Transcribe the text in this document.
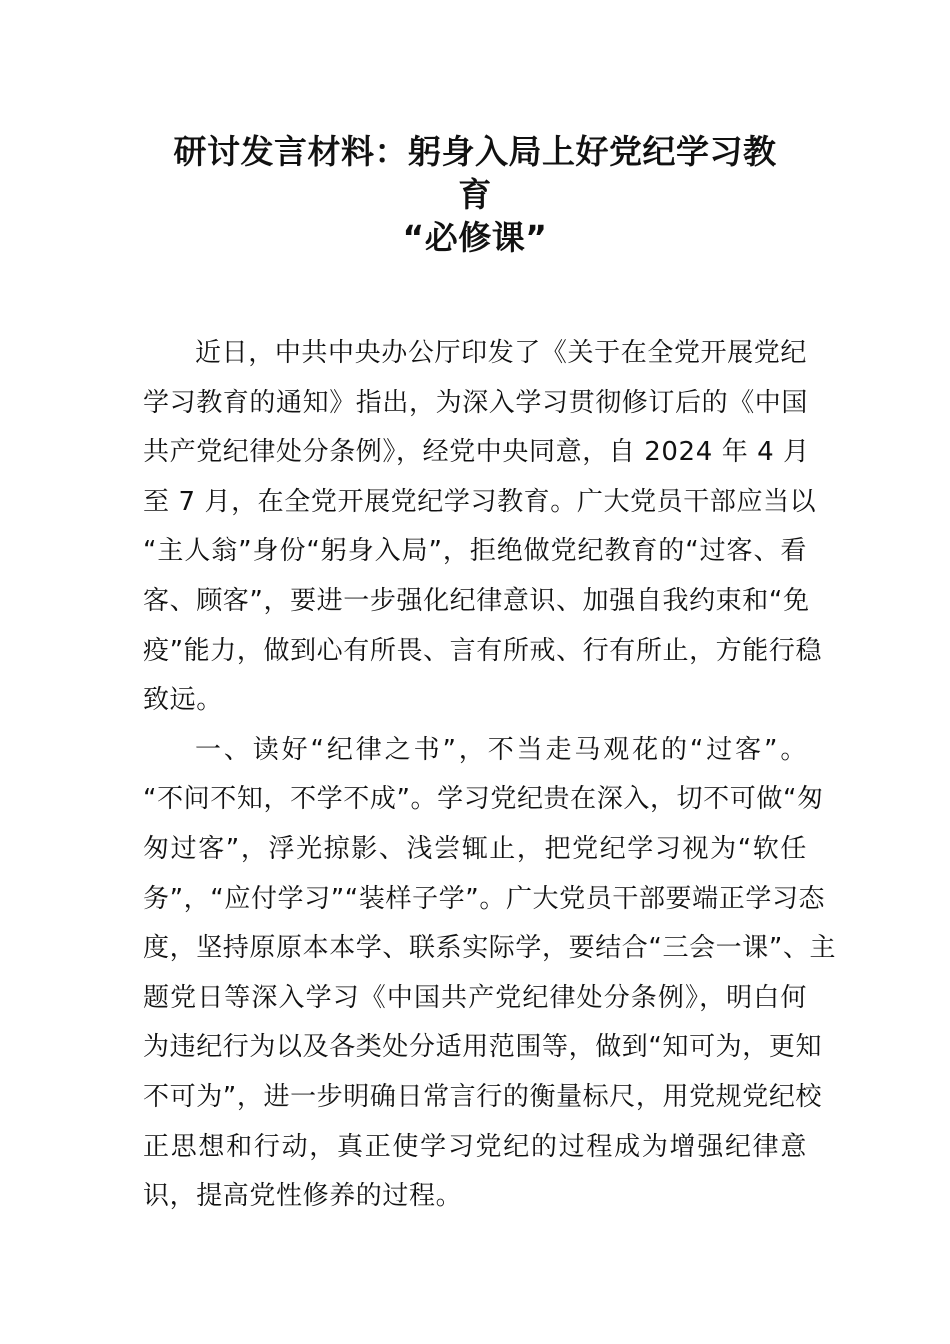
研讨发言材料：躬身入局上好党纪学习教
育
“必修课”
近日，中共中央办公厅印发了《关于在全党开展党纪
学习教育的通知》指出，为深入学习贯彻修订后的《中国
共产党纪律处分条例》，经党中央同意，自 2024 年 4 月
至 7 月，在全党开展党纪学习教育。广大党员干部应当以
“主人翁”身份“躬身入局”，拒绝做党纪教育的“过客、看
客、顾客”，要进一步强化纪律意识、加强自我约束和“免
疫”能力，做到心有所畏、言有所戒、行有所止，方能行稳
致远。
一、读好“纪律之书”，不当走马观花的“过客”。
“不问不知，不学不成”。学习党纪贵在深入，切不可做“匆
匆过客”，浮光掠影、浅尝辄止，把党纪学习视为“软任
务”，“应付学习”“装样子学”。广大党员干部要端正学习态
度，坚持原原本本学、联系实际学，要结合“三会一课”、主
题党日等深入学习《中国共产党纪律处分条例》，明白何
为违纪行为以及各类处分适用范围等，做到“知可为，更知
不可为”，进一步明确日常言行的衡量标尺，用党规党纪校
正思想和行动，真正使学习党纪的过程成为增强纪律意
识，提高党性修养的过程。
